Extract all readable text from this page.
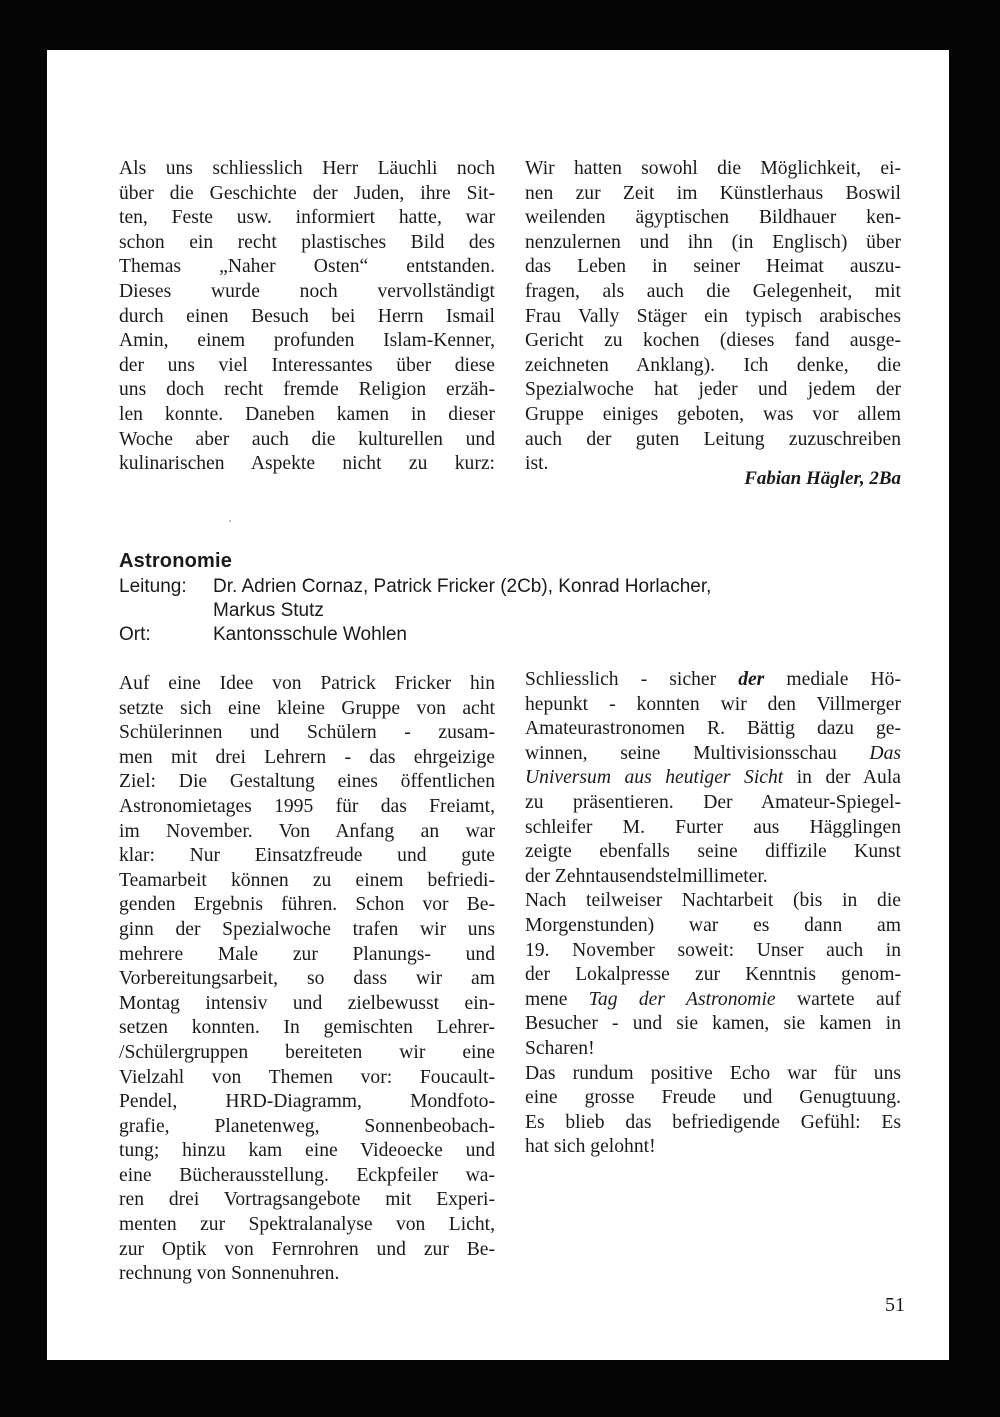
Als uns schliesslich Herr Läuchli noch
über die Geschichte der Juden, ihre Sit-
ten, Feste usw. informiert hatte, war
schon ein recht plastisches Bild des
Themas „Naher Osten“ entstanden.
Dieses wurde noch vervollständigt
durch einen Besuch bei Herrn Ismail
Amin, einem profunden Islam-Kenner,
der uns viel Interessantes über diese
uns doch recht fremde Religion erzäh-
len konnte. Daneben kamen in dieser
Woche aber auch die kulturellen und
kulinarischen Aspekte nicht zu kurz:
Wir hatten sowohl die Möglichkeit, ei-
nen zur Zeit im Künstlerhaus Boswil
weilenden ägyptischen Bildhauer ken-
nenzulernen und ihn (in Englisch) über
das Leben in seiner Heimat auszu-
fragen, als auch die Gelegenheit, mit
Frau Vally Stäger ein typisch arabisches
Gericht zu kochen (dieses fand ausge-
zeichneten Anklang). Ich denke, die
Spezialwoche hat jeder und jedem der
Gruppe einiges geboten, was vor allem
auch der guten Leitung zuzuschreiben
ist.
Fabian Hägler, 2Ba
Astronomie
Leitung: Dr. Adrien Cornaz, Patrick Fricker (2Cb), Konrad Horlacher,
Markus Stutz
Ort:	Kantonsschule Wohlen
Auf eine Idee von Patrick Fricker hin
setzte sich eine kleine Gruppe von acht
Schülerinnen und Schülern - zusam-
men mit drei Lehrern - das ehrgeizige
Ziel: Die Gestaltung eines öffentlichen
Astronomietages 1995 für das Freiamt,
im November. Von Anfang an war
klar: Nur Einsatzfreude und gute
Teamarbeit können zu einem befriedi-
genden Ergebnis führen. Schon vor Be-
ginn der Spezialwoche trafen wir uns
mehrere Male zur Planungs- und
Vorbereitungsarbeit, so dass wir am
Montag intensiv und zielbewusst ein-
setzen konnten. In gemischten Lehrer-
/Schülergruppen bereiteten wir eine
Vielzahl von Themen vor: Foucault-
Pendel, HRD-Diagramm, Mondfoto-
grafie, Planetenweg, Sonnenbeobach-
tung; hinzu kam eine Videoecke und
eine Bücherausstellung. Eckpfeiler wa-
ren drei Vortragsangebote mit Experi-
menten zur Spektralanalyse von Licht,
zur Optik von Fernrohren und zur Be-
rechnung von Sonnenuhren.
Schliesslich - sicher der mediale Hö-
hepunkt - konnten wir den Villmerger
Amateurastronomen R. Bättig dazu ge-
winnen, seine Multivisionsschau Das
Universum aus heutiger Sicht in der Aula
zu präsentieren. Der Amateur-Spiegel-
schleifer M. Furter aus Hägglingen
zeigte ebenfalls seine diffizile Kunst
der Zehntausendstelmillimeter.
Nach teilweiser Nachtarbeit (bis in die
Morgenstunden) war es dann am
19. November soweit: Unser auch in
der Lokalpresse zur Kenntnis genom-
mene Tag der Astronomie wartete auf
Besucher - und sie kamen, sie kamen in
Scharen!
Das rundum positive Echo war für uns
eine grosse Freude und Genugtuung.
Es blieb das befriedigende Gefühl: Es
hat sich gelohnt!
51
